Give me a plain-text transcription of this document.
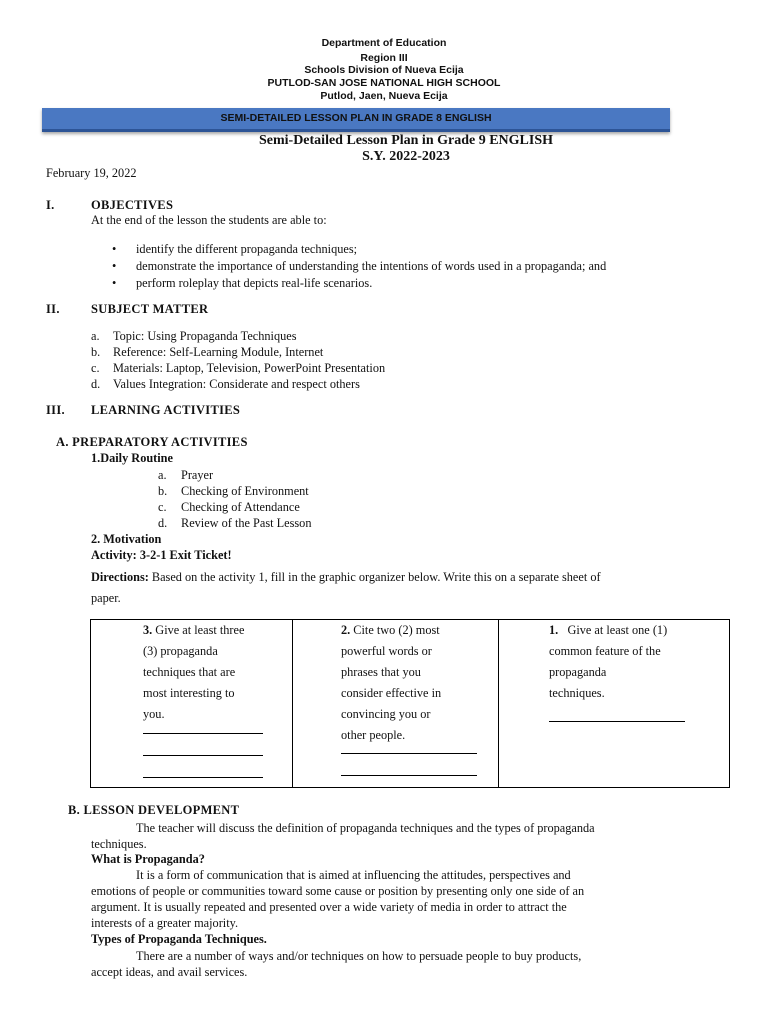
Department of Education
Region III
Schools Division of Nueva Ecija
PUTLOD-SAN JOSE NATIONAL HIGH SCHOOL
Putlod, Jaen, Nueva Ecija
SEMI-DETAILED LESSON PLAN IN GRADE 8 ENGLISH
Semi-Detailed Lesson Plan in Grade 9 ENGLISH
S.Y. 2022-2023
February 19, 2022
I.	OBJECTIVES
At the end of the lesson the students are able to:
• identify the different propaganda techniques;
• demonstrate the importance of understanding the intentions of words used in a propaganda; and
• perform roleplay that depicts real-life scenarios.
II. SUBJECT MATTER
a. Topic: Using Propaganda Techniques
b. Reference: Self-Learning Module, Internet
c. Materials: Laptop, Television, PowerPoint Presentation
d. Values Integration: Considerate and respect others
III. LEARNING ACTIVITIES
A. PREPARATORY ACTIVITIES
1.Daily Routine
a. Prayer
b. Checking of Environment
c. Checking of Attendance
d. Review of the Past Lesson
2. Motivation
Activity: 3-2-1 Exit Ticket!
Directions: Based on the activity 1, fill in the graphic organizer below. Write this on a separate sheet of
paper.
3. Give at least three
(3) propaganda
techniques that are
most interesting to
you.

2. Cite two (2) most
powerful words or
phrases that you
consider effective in
convincing you or
other people.

1.   Give at least one (1)
common feature of the
propaganda
techniques.
B. LESSON DEVELOPMENT
The teacher will discuss the definition of propaganda techniques and the types of propaganda
techniques.
What is Propaganda?
It is a form of communication that is aimed at influencing the attitudes, perspectives and
emotions of people or communities toward some cause or position by presenting only one side of an
argument. It is usually repeated and presented over a wide variety of media in order to attract the
interests of a greater majority.
Types of Propaganda Techniques.
There are a number of ways and/or techniques on how to persuade people to buy products,
accept ideas, and avail services.
